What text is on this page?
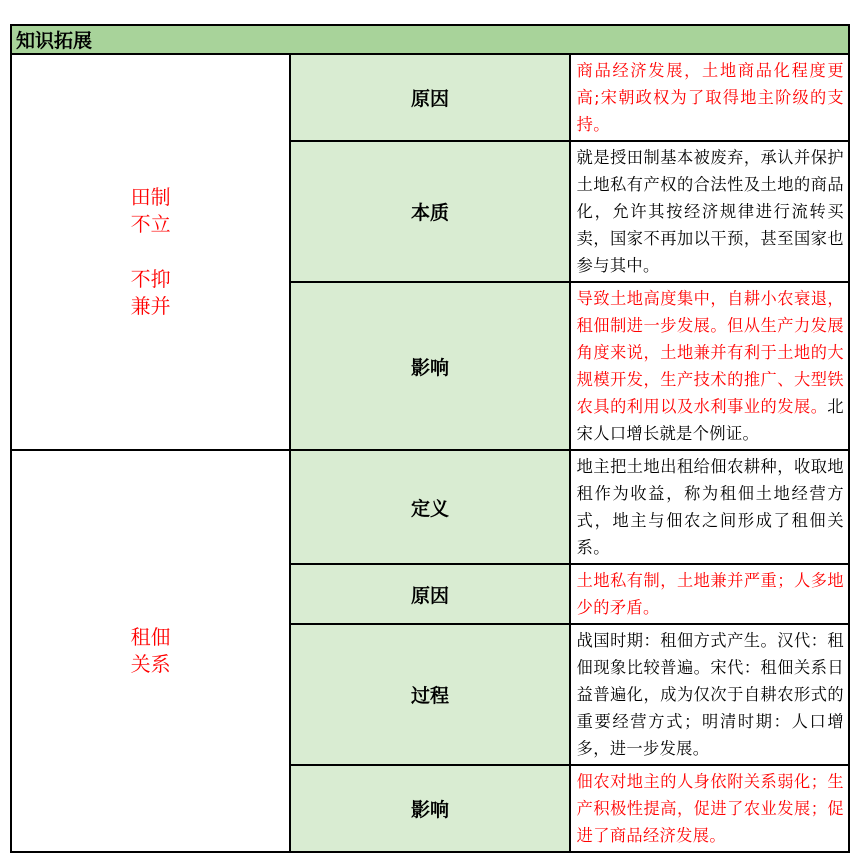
知识拓展		

田制
不立
不抑
兼并	原因	商品经济发展，土地商品化程度更高;宋朝政权为了取得地主阶级的支持。
	本质	就是授田制基本被废弃，承认并保护土地私有产权的合法性及土地的商品化，允许其按经济规律进行流转买卖，国家不再加以干预，甚至国家也参与其中。
	影响	导致土地高度集中，自耕小农衰退，租佃制进一步发展。但从生产力发展角度来说，土地兼并有利于土地的大规模开发，生产技术的推广、大型铁农具的利用以及水利事业的发展。北宋人口增长就是个例证。

租佃
关系	定义	地主把土地出租给佃农耕种，收取地租作为收益，称为租佃土地经营方式，地主与佃农之间形成了租佃关系。
	原因	土地私有制，土地兼并严重；人多地少的矛盾。
	过程	战国时期：租佃方式产生。汉代：租佃现象比较普遍。宋代：租佃关系日益普遍化，成为仅次于自耕农形式的重要经营方式；明清时期：人口增多，进一步发展。
	影响	佃农对地主的人身依附关系弱化；生产积极性提高，促进了农业发展；促进了商品经济发展。
